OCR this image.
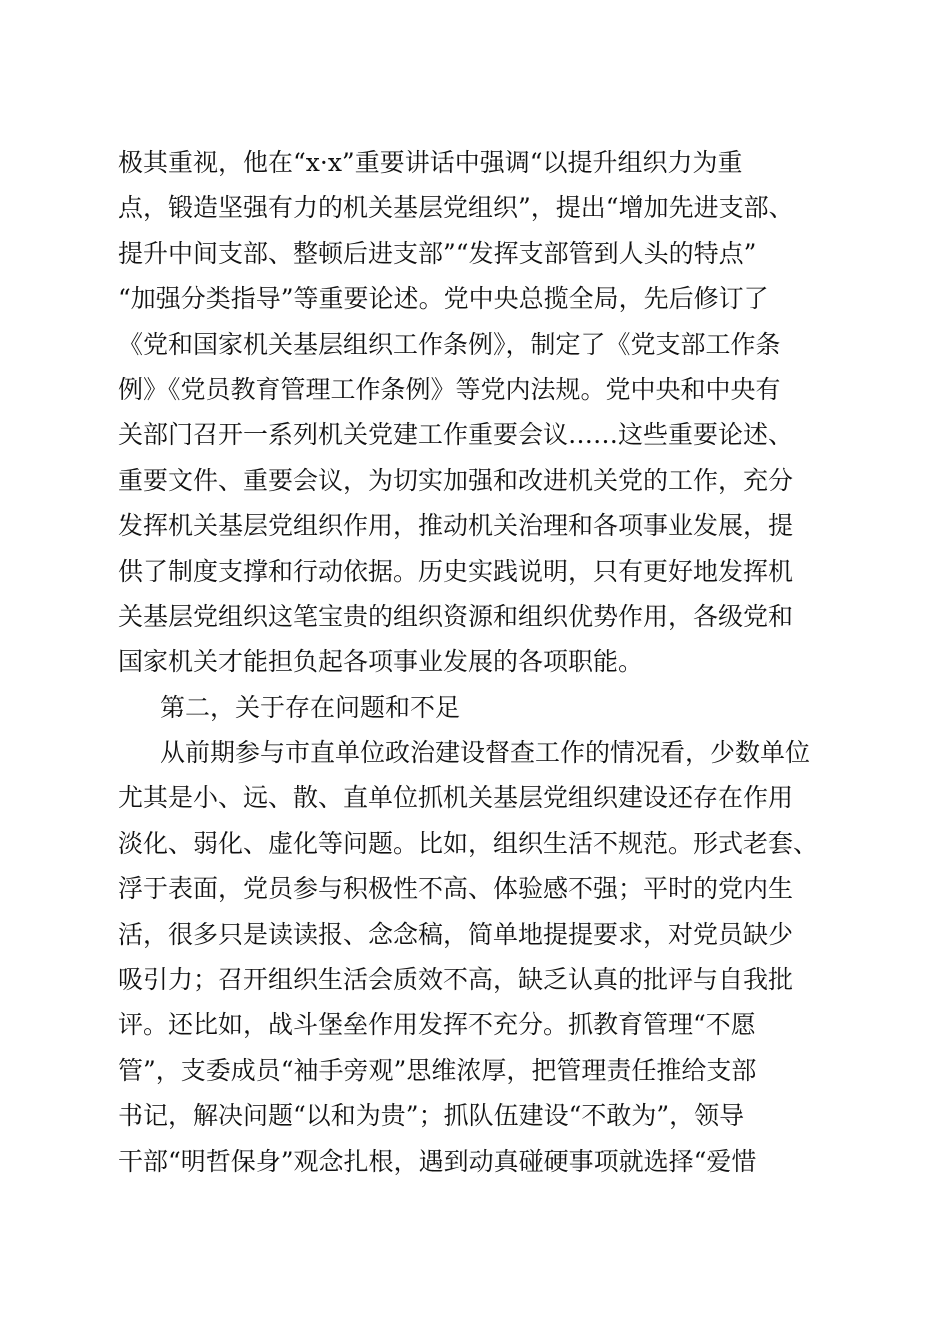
极其重视，他在“x·x”重要讲话中强调“以提升组织力为重
点，锻造坚强有力的机关基层党组织”，提出“增加先进支部、
提升中间支部、整顿后进支部”“发挥支部管到人头的特点”
“加强分类指导”等重要论述。党中央总揽全局，先后修订了
《党和国家机关基层组织工作条例》，制定了《党支部工作条
例》《党员教育管理工作条例》等党内法规。党中央和中央有
关部门召开一系列机关党建工作重要会议……这些重要论述、
重要文件、重要会议，为切实加强和改进机关党的工作，充分
发挥机关基层党组织作用，推动机关治理和各项事业发展，提
供了制度支撑和行动依据。历史实践说明，只有更好地发挥机
关基层党组织这笔宝贵的组织资源和组织优势作用，各级党和
国家机关才能担负起各项事业发展的各项职能。
第二，关于存在问题和不足
从前期参与市直单位政治建设督查工作的情况看，少数单位
尤其是小、远、散、直单位抓机关基层党组织建设还存在作用
淡化、弱化、虚化等问题。比如，组织生活不规范。形式老套、
浮于表面，党员参与积极性不高、体验感不强；平时的党内生
活，很多只是读读报、念念稿，简单地提提要求，对党员缺少
吸引力；召开组织生活会质效不高，缺乏认真的批评与自我批
评。还比如，战斗堡垒作用发挥不充分。抓教育管理“不愿
管”，支委成员“袖手旁观”思维浓厚，把管理责任推给支部
书记，解决问题“以和为贵”；抓队伍建设“不敢为”，领导
干部“明哲保身”观念扎根，遇到动真碰硬事项就选择“爱惜
